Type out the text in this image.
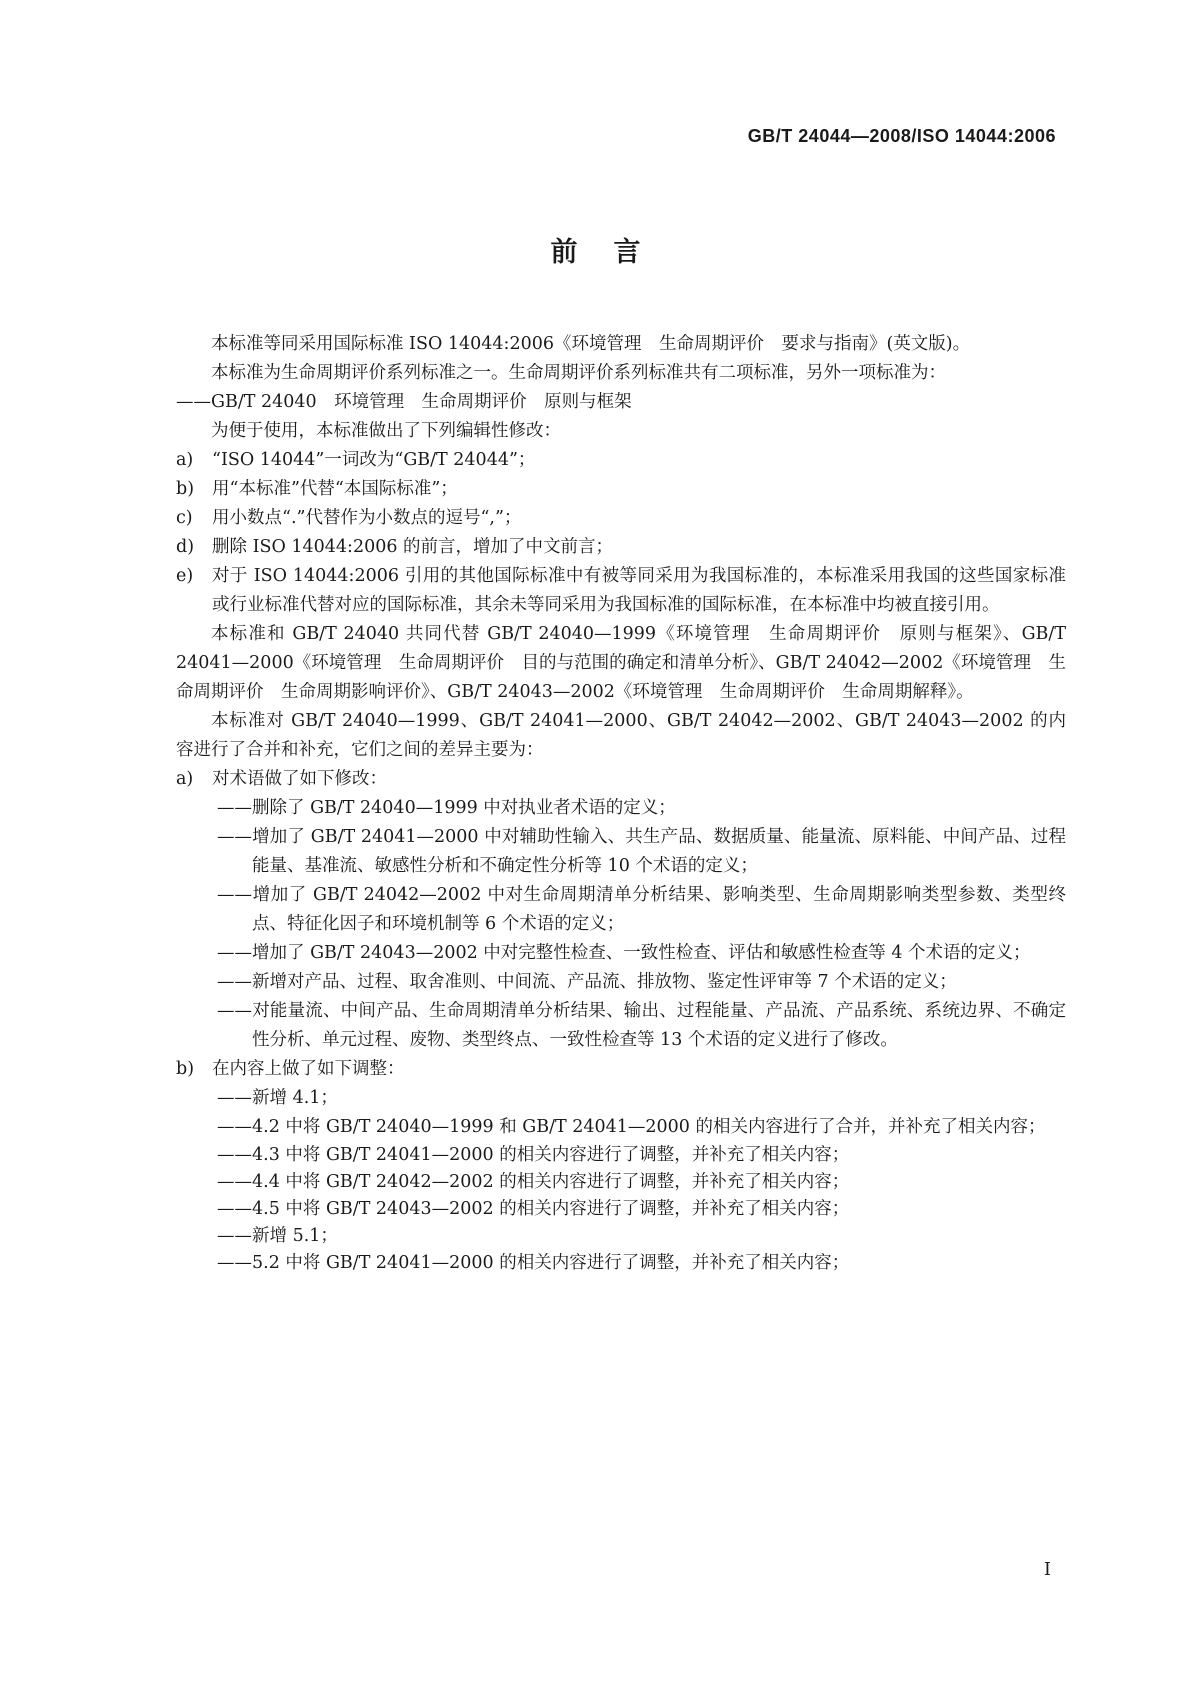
GB/T 24044—2008/ISO 14044:2006
前言

本标准等同采用国际标准 ISO 14044:2006《环境管理　生命周期评价　要求与指南》(英文版)。

本标准为生命周期评价系列标准之一。生命周期评价系列标准共有二项标准，另外一项标准为：

——GB/T 24040　环境管理　生命周期评价　原则与框架

为便于使用，本标准做出了下列编辑性修改：

a) “ISO 14044”一词改为“GB/T 24044”；
b) 用“本标准”代替“本国际标准”；
c) 用小数点“.”代替作为小数点的逗号“,”；
d) 删除 ISO 14044:2006 的前言，增加了中文前言；
e) 对于 ISO 14044:2006 引用的其他国际标准中有被等同采用为我国标准的，本标准采用我国的这些国家标准或行业标准代替对应的国际标准，其余未等同采用为我国标准的国际标准，在本标准中均被直接引用。

本标准和 GB/T 24040 共同代替 GB/T 24040—1999《环境管理　生命周期评价　原则与框架》、GB/T 24041—2000《环境管理　生命周期评价　目的与范围的确定和清单分析》、GB/T 24042—2002《环境管理　生命周期评价　生命周期影响评价》、GB/T 24043—2002《环境管理　生命周期评价　生命周期解释》。

本标准对 GB/T 24040—1999、GB/T 24041—2000、GB/T 24042—2002、GB/T 24043—2002 的内容进行了合并和补充，它们之间的差异主要为：

a) 对术语做了如下修改：

——删除了 GB/T 24040—1999 中对执业者术语的定义；

——增加了 GB/T 24041—2000 中对辅助性输入、共生产品、数据质量、能量流、原料能、中间产品、过程能量、基准流、敏感性分析和不确定性分析等 10 个术语的定义；

——增加了 GB/T 24042—2002 中对生命周期清单分析结果、影响类型、生命周期影响类型参数、类型终点、特征化因子和环境机制等 6 个术语的定义；

——增加了 GB/T 24043—2002 中对完整性检查、一致性检查、评估和敏感性检查等 4 个术语的定义；

——新增对产品、过程、取舍准则、中间流、产品流、排放物、鉴定性评审等 7 个术语的定义；

——对能量流、中间产品、生命周期清单分析结果、输出、过程能量、产品流、产品系统、系统边界、不确定性分析、单元过程、废物、类型终点、一致性检查等 13 个术语的定义进行了修改。

b) 在内容上做了如下调整：

——新增 4.1；

——4.2 中将 GB/T 24040—1999 和 GB/T 24041—2000 的相关内容进行了合并，并补充了相关内容；

——4.3 中将 GB/T 24041—2000 的相关内容进行了调整，并补充了相关内容；

——4.4 中将 GB/T 24042—2002 的相关内容进行了调整，并补充了相关内容；

——4.5 中将 GB/T 24043—2002 的相关内容进行了调整，并补充了相关内容；

——新增 5.1；

——5.2 中将 GB/T 24041—2000 的相关内容进行了调整，并补充了相关内容；

I
